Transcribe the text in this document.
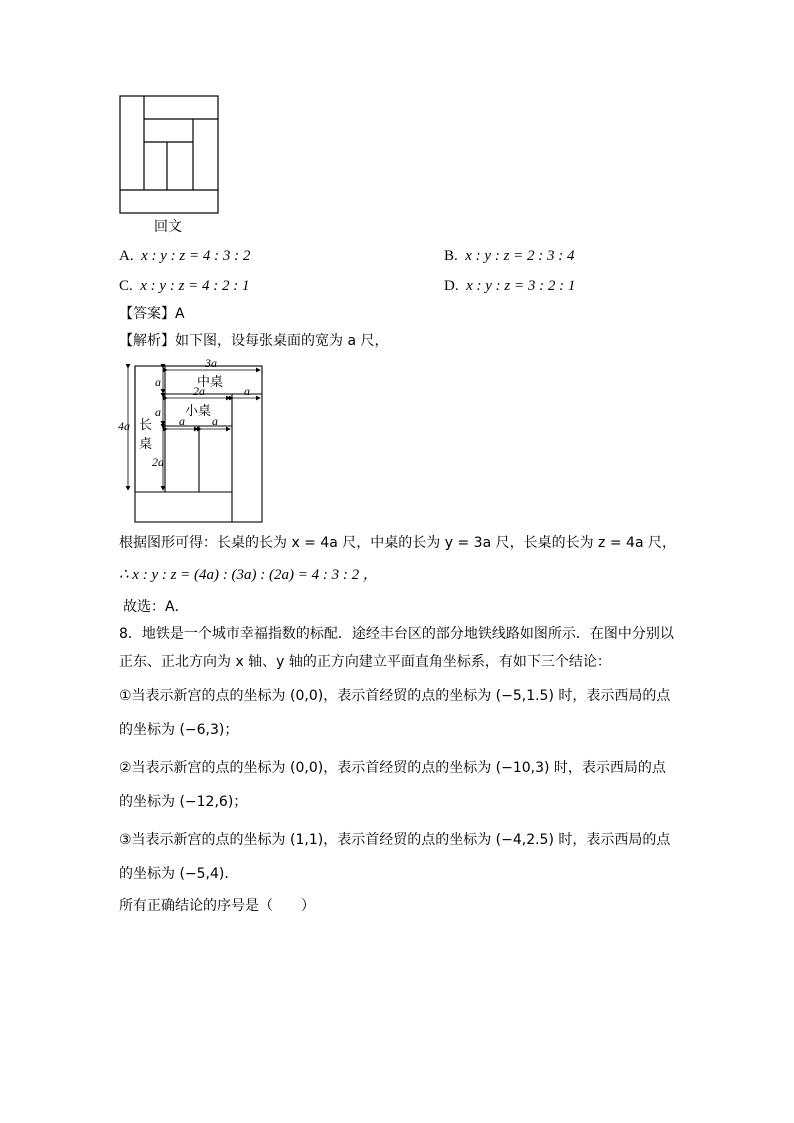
回文
A. x : y : z = 4 : 3 : 2	B. x : y : z = 2 : 3 : 4
C. x : y : z = 4 : 2 : 1	D. x : y : z = 3 : 2 : 1
【答案】A
【解析】如下图，设每张桌面的宽为 a 尺，
3a
4a
2a	a
a
a
2a
a a
中桌
小桌
长
桌
根据图形可得：长桌的长为 x = 4a 尺，中桌的长为 y = 3a 尺，长桌的长为 z = 4a 尺，
∴ x : y : z = (4a) : (3a) : (2a) = 4 : 3 : 2 ，
故选：A．
8．地铁是一个城市幸福指数的标配．途经丰台区的部分地铁线路如图所示．在图中分别以
正东、正北方向为 x 轴、y 轴的正方向建立平面直角坐标系，有如下三个结论：
①当表示新宫的点的坐标为 (0,0)，表示首经贸的点的坐标为 (−5,1.5) 时，表示西局的点
的坐标为 (−6,3)；
②当表示新宫的点的坐标为 (0,0)，表示首经贸的点的坐标为 (−10,3) 时，表示西局的点
的坐标为 (−12,6)；
③当表示新宫的点的坐标为 (1,1)，表示首经贸的点的坐标为 (−4,2.5) 时，表示西局的点
的坐标为 (−5,4)．
所有正确结论的序号是（　　）
